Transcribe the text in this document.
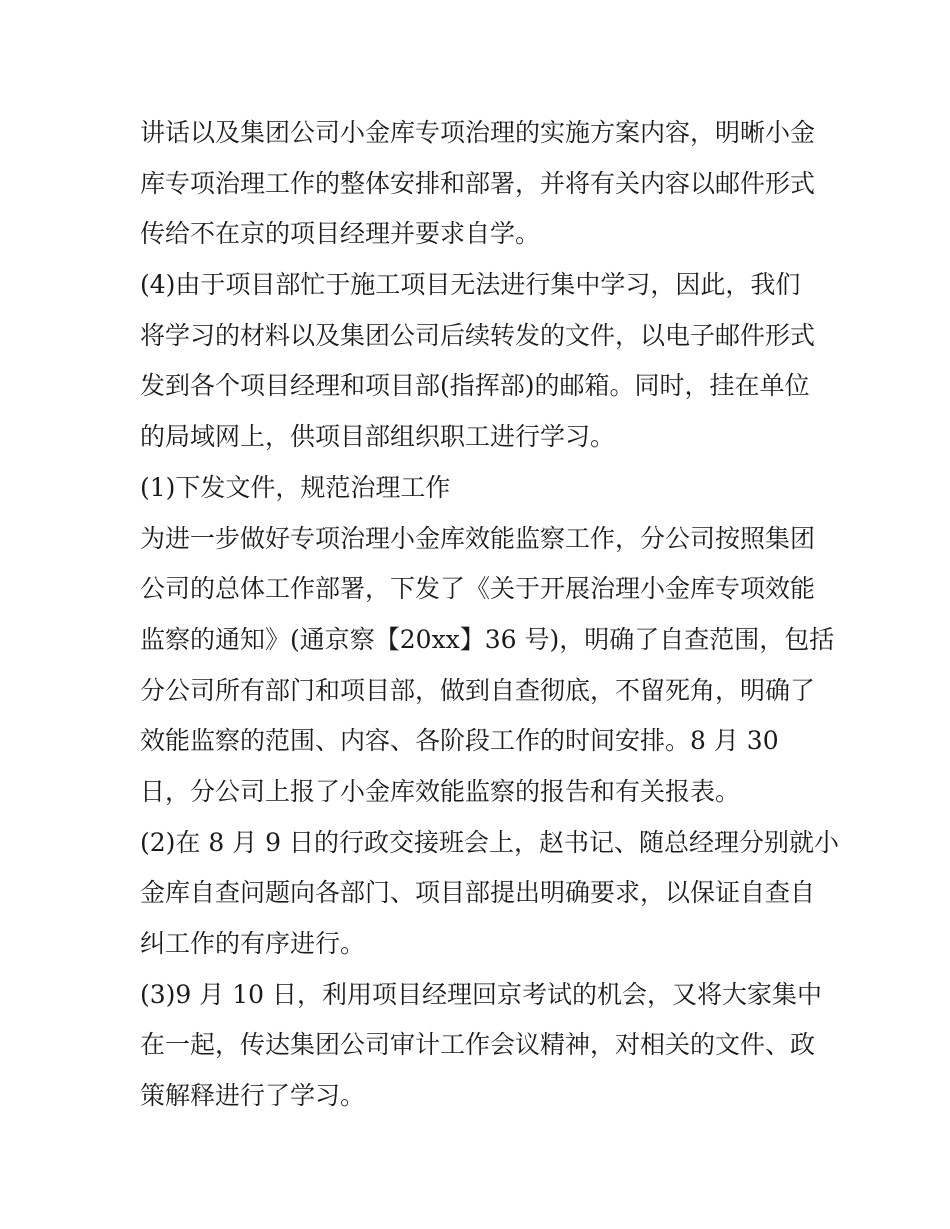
讲话以及集团公司小金库专项治理的实施方案内容，明晰小金
库专项治理工作的整体安排和部署，并将有关内容以邮件形式
传给不在京的项目经理并要求自学。
(4)由于项目部忙于施工项目无法进行集中学习，因此，我们
将学习的材料以及集团公司后续转发的文件，以电子邮件形式
发到各个项目经理和项目部(指挥部)的邮箱。同时，挂在单位
的局域网上，供项目部组织职工进行学习。
(1)下发文件，规范治理工作
为进一步做好专项治理小金库效能监察工作，分公司按照集团
公司的总体工作部署，下发了《关于开展治理小金库专项效能
监察的通知》(通京察【20xx】36 号)，明确了自查范围，包括
分公司所有部门和项目部，做到自查彻底，不留死角，明确了
效能监察的范围、内容、各阶段工作的时间安排。8 月 30
日，分公司上报了小金库效能监察的报告和有关报表。
(2)在 8 月 9 日的行政交接班会上，赵书记、随总经理分别就小
金库自查问题向各部门、项目部提出明确要求，以保证自查自
纠工作的有序进行。
(3)9 月 10 日，利用项目经理回京考试的机会，又将大家集中
在一起，传达集团公司审计工作会议精神，对相关的文件、政
策解释进行了学习。
